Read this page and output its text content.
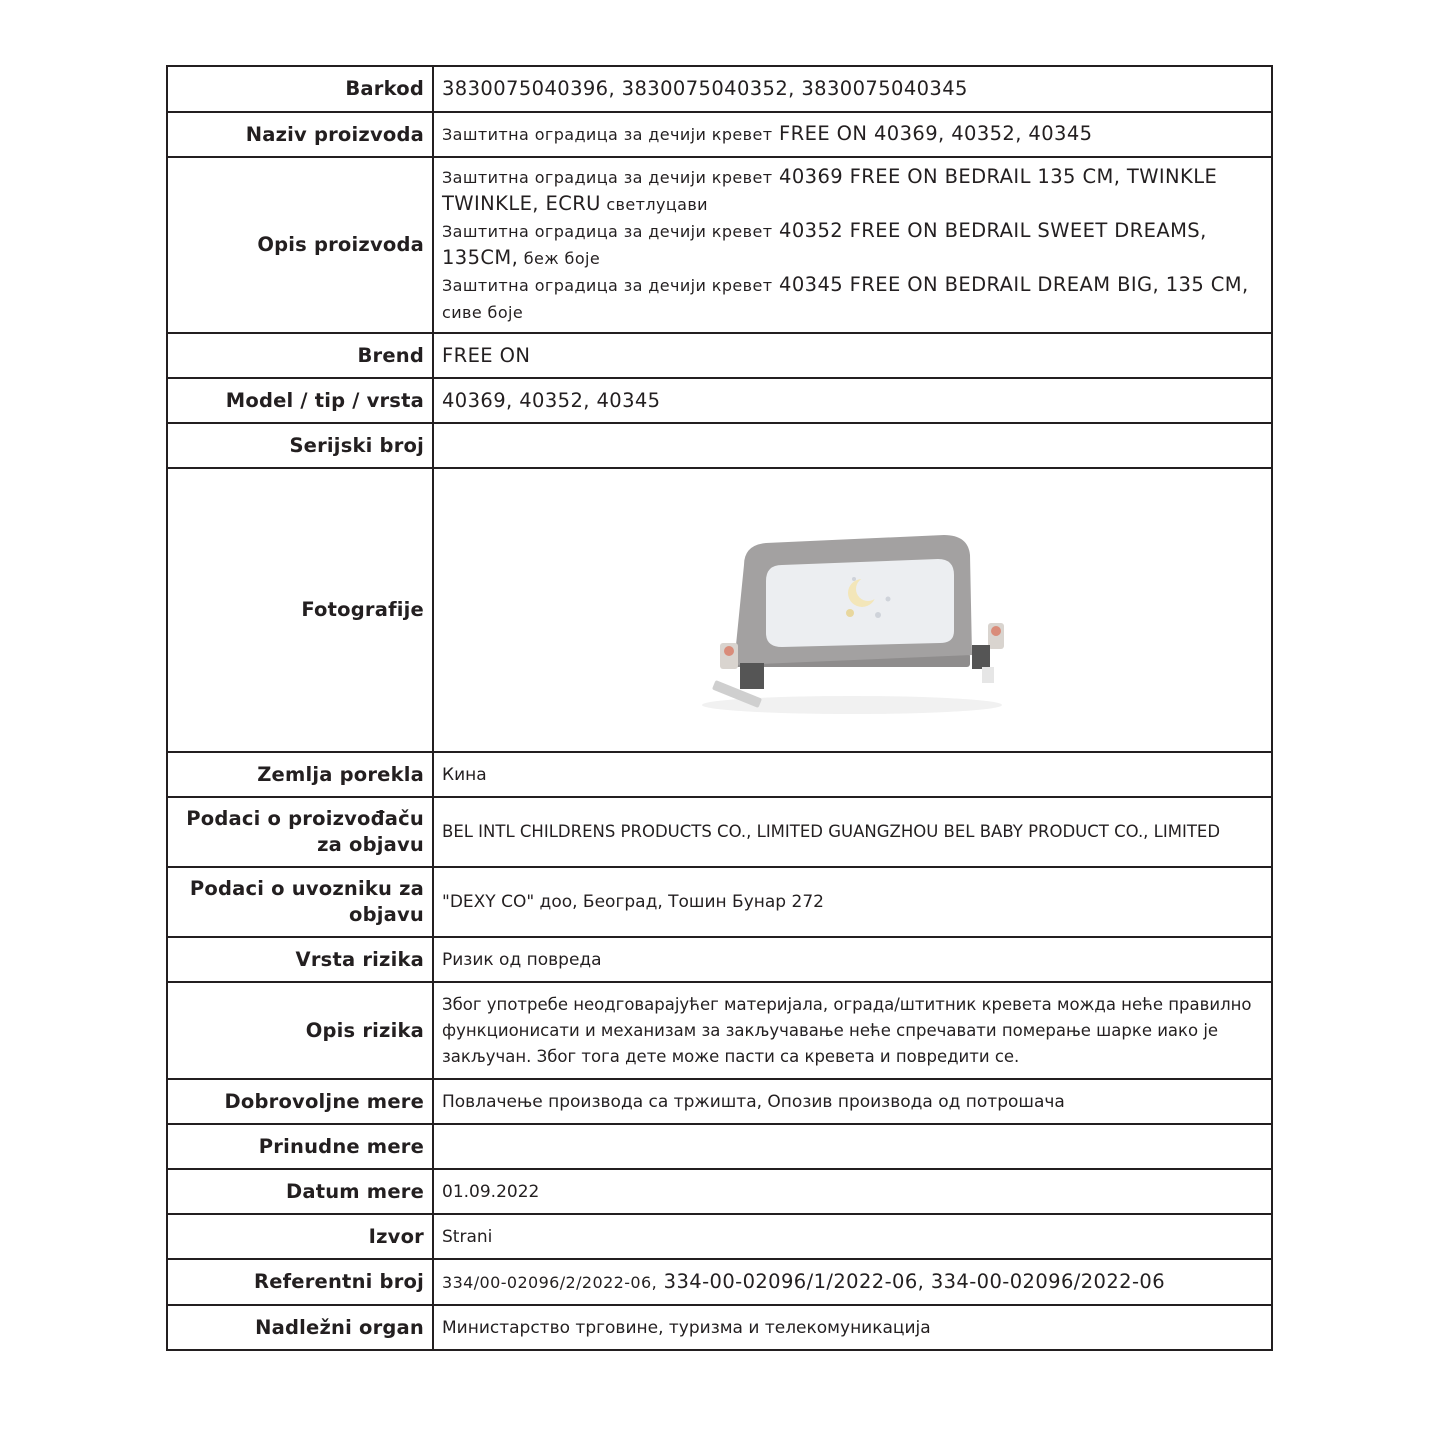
Barkod	3830075040396, 3830075040352, 3830075040345
Naziv proizvoda	Заштитна оградица за дечији кревет FREE ON 40369, 40352, 40345
Opis proizvoda	Заштитна оградица за дечији кревет 40369 FREE ON BEDRAIL 135 CM, TWINKLE TWINKLE, ECRU светлуцави
Заштитна оградица за дечији кревет 40352 FREE ON BEDRAIL SWEET DREAMS, 135CM, беж боје
Заштитна оградица за дечији кревет 40345 FREE ON BEDRAIL DREAM BIG, 135 CM, сиве боје

Brend	FREE ON
Model / tip / vrsta	40369, 40352, 40345
Serijski broj	
Fotografije	

Zemlja porekla	Кина
Podaci o proizvođaču za objavu	BEL INTL CHILDRENS PRODUCTS CO., LIMITED GUANGZHOU BEL BABY PRODUCT CO., LIMITED
Podaci o uvozniku za objavu	"DEXY CO" доо, Београд, Тошин Бунар 272
Vrsta rizika	Ризик од повреда
Opis rizika	Због употребе неодговарајућег материјала, ограда/штитник кревета можда неће правилно функционисати и механизам за закључавање неће спречавати померање шарке иако је закључан. Због тога дете може пасти са кревета и повредити се.
Dobrovoljne mere	Повлачење производа са тржишта, Опозив производа од потрошача
Prinudne mere	
Datum mere	01.09.2022
Izvor	Strani
Referentni broj	334/00-02096/2/2022-06, 334-00-02096/1/2022-06, 334-00-02096/2022-06
Nadležni organ	Министарство трговине, туризма и телекомуникација
